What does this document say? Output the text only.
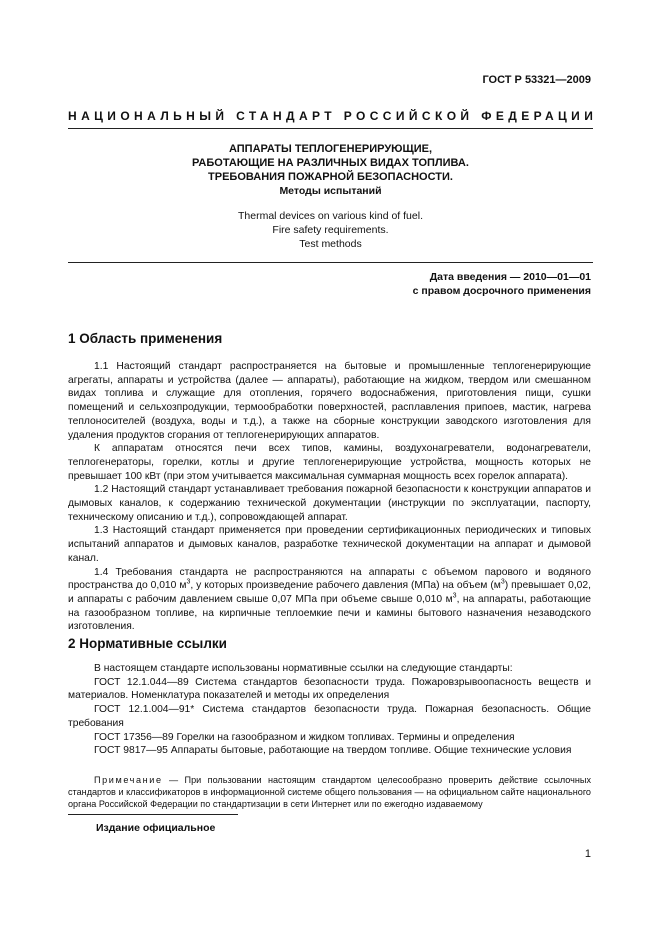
ГОСТ Р 53321—2009
НАЦИОНАЛЬНЫЙ СТАНДАРТ РОССИЙСКОЙ ФЕДЕРАЦИИ
АППАРАТЫ ТЕПЛОГЕНЕРИРУЮЩИЕ,
РАБОТАЮЩИЕ НА РАЗЛИЧНЫХ ВИДАХ ТОПЛИВА.
ТРЕБОВАНИЯ ПОЖАРНОЙ БЕЗОПАСНОСТИ.
Методы испытаний
Thermal devices on various kind of fuel.
Fire safety requirements.
Test methods
Дата введения — 2010—01—01
с правом досрочного применения
1 Область применения

1.1 Настоящий стандарт распространяется на бытовые и промышленные теплогенерирующие агрегаты, аппараты и устройства (далее — аппараты), работающие на жидком, твердом или смешанном видах топлива и служащие для отопления, горячего водоснабжения, приготовления пищи, сушки помещений и сельхозпродукции, термообработки поверхностей, расплавления припоев, мастик, нагрева теплоносителей (воздуха, воды и т.д.), а также на сборные конструкции заводского изготовления для удаления продуктов сгорания от теплогенерирующих аппаратов.

К аппаратам относятся печи всех типов, камины, воздухонагреватели, водонагреватели, теплогенераторы, горелки, котлы и другие теплогенерирующие устройства, мощность которых не превышает 100 кВт (при этом учитывается максимальная суммарная мощность всех горелок аппарата).

1.2 Настоящий стандарт устанавливает требования пожарной безопасности к конструкции аппаратов и дымовых каналов, к содержанию технической документации (инструкции по эксплуатации, паспорту, техническому описанию и т.д.), сопровождающей аппарат.

1.3 Настоящий стандарт применяется при проведении сертификационных периодических и типовых испытаний аппаратов и дымовых каналов, разработке технической документации на аппарат и дымовой канал.

1.4 Требования стандарта не распространяются на аппараты с объемом парового и водяного пространства до 0,010 $м^3$, у которых произведение рабочего давления (МПа) на объем $(м^3)$ превышает 0,02, и аппараты с рабочим давлением свыше 0,07 МПа при объеме свыше 0,010 $м^3$, на аппараты, работающие на газообразном топливе, на кирпичные теплоемкие печи и камины бытового назначения незаводского изготовления.

2 Нормативные ссылки

В настоящем стандарте использованы нормативные ссылки на следующие стандарты:

ГОСТ 12.1.044—89 Система стандартов безопасности труда. Пожаровзрывоопасность веществ и материалов. Номенклатура показателей и методы их определения

ГОСТ 12.1.004—91* Система стандартов безопасности труда. Пожарная безопасность. Общие требования

ГОСТ 17356—89 Горелки на газообразном и жидком топливах. Термины и определения

ГОСТ 9817—95 Аппараты бытовые, работающие на твердом топливе. Общие технические условия

Примечание — При пользовании настоящим стандартом целесообразно проверить действие ссылочных стандартов и классификаторов в информационной системе общего пользования — на официальном сайте национального органа Российской Федерации по стандартизации в сети Интернет или по ежегодно издаваемому
Издание официальное
1
